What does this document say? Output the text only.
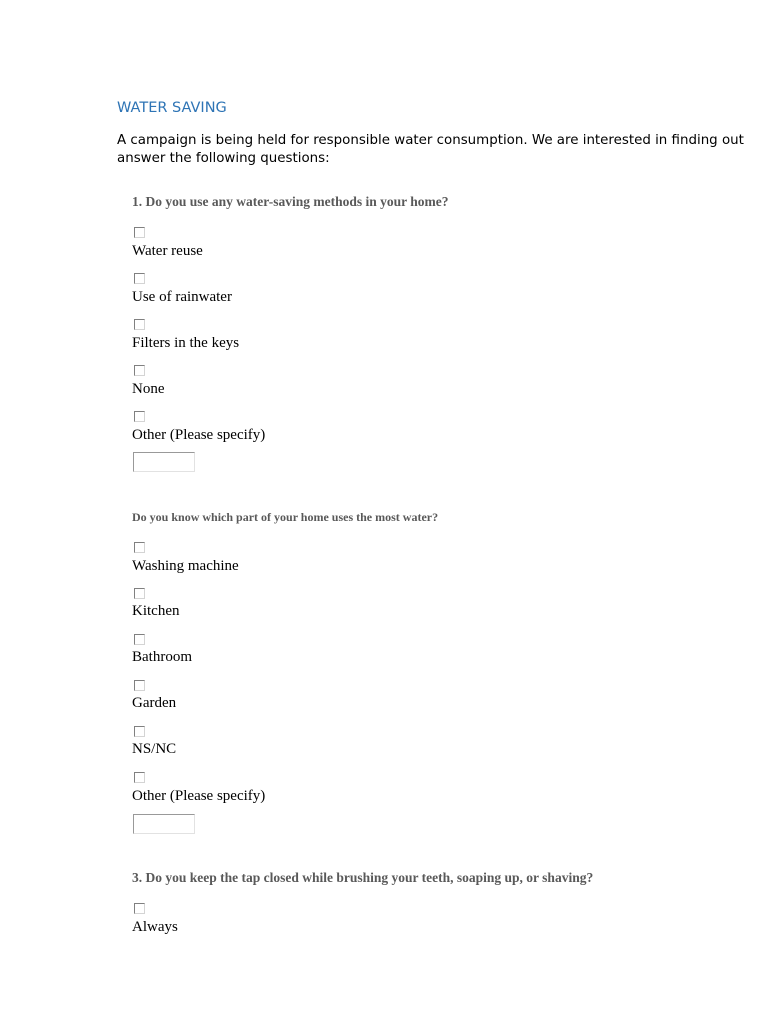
WATER SAVING
A campaign is being held for responsible water consumption. We are interested in finding out
answer the following questions:
1. Do you use any water-saving methods in your home?
Water reuse
Use of rainwater
Filters in the keys
None
Other (Please specify)
Do you know which part of your home uses the most water?
Washing machine
Kitchen
Bathroom
Garden
NS/NC
Other (Please specify)
3. Do you keep the tap closed while brushing your teeth, soaping up, or shaving?
Always
